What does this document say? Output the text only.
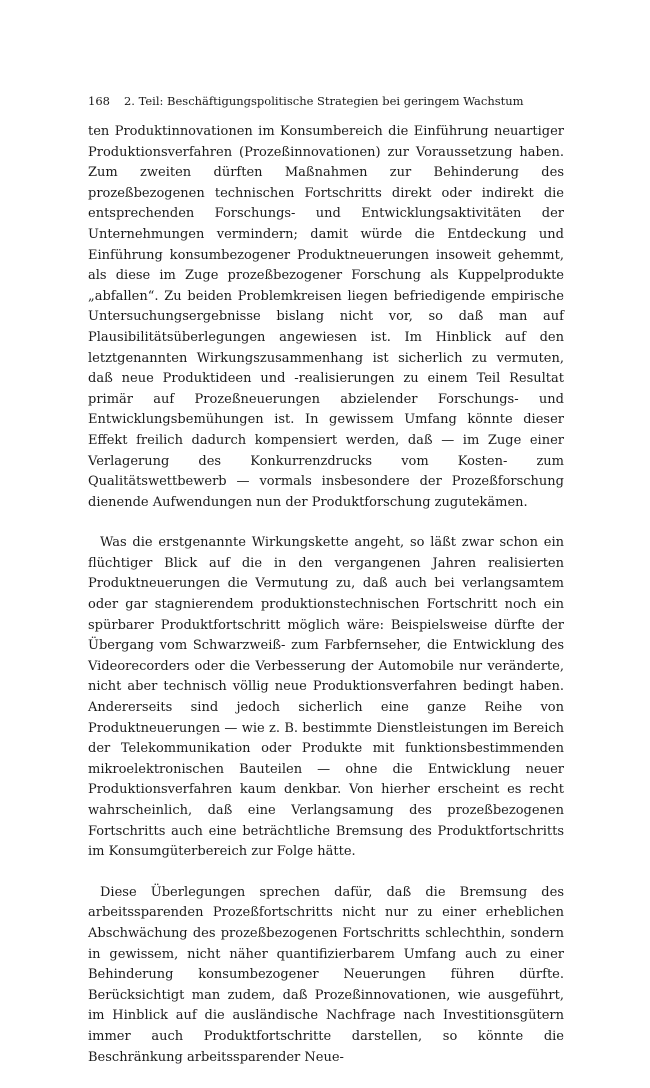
168 2. Teil: Beschäftigungspolitische Strategien bei geringem Wachstum

ten Produktinnovationen im Konsumbereich die Einführung neuartiger Produktionsverfahren (Prozeßinnovationen) zur Voraussetzung haben. Zum zweiten dürften Maßnahmen zur Behinderung des prozeßbezogenen technischen Fortschritts direkt oder indirekt die entsprechenden Forschungs- und Entwicklungsaktivitäten der Unternehmungen vermindern; damit würde die Entdeckung und Einführung konsumbezogener Produktneuerungen insoweit gehemmt, als diese im Zuge prozeßbezogener Forschung als Kuppelprodukte „abfallen“. Zu beiden Problemkreisen liegen befriedigende empirische Untersuchungsergebnisse bislang nicht vor, so daß man auf Plausibilitätsüberlegungen angewiesen ist. Im Hinblick auf den letztgenannten Wirkungszusammenhang ist sicherlich zu vermuten, daß neue Produktideen und -realisierungen zu einem Teil Resultat primär auf Prozeßneuerungen abzielender Forschungs- und Entwicklungsbemühungen ist. In gewissem Umfang könnte dieser Effekt freilich dadurch kompensiert werden, daß — im Zuge einer Verlagerung des Konkurrenzdrucks vom Kosten- zum Qualitätswettbewerb — vormals insbesondere der Prozeßforschung dienende Aufwendungen nun der Produktforschung zugutekämen.

Was die erstgenannte Wirkungskette angeht, so läßt zwar schon ein flüchtiger Blick auf die in den vergangenen Jahren realisierten Produktneuerungen die Vermutung zu, daß auch bei verlangsamtem oder gar stagnierendem produktionstechnischen Fortschritt noch ein spürbarer Produktfortschritt möglich wäre: Beispielsweise dürfte der Übergang vom Schwarzweiß- zum Farbfernseher, die Entwicklung des Videorecorders oder die Verbesserung der Automobile nur veränderte, nicht aber technisch völlig neue Produktionsverfahren bedingt haben. Andererseits sind jedoch sicherlich eine ganze Reihe von Produktneuerungen — wie z. B. bestimmte Dienstleistungen im Bereich der Telekommunikation oder Produkte mit funktionsbestimmenden mikroelektronischen Bauteilen — ohne die Entwicklung neuer Produktionsverfahren kaum denkbar. Von hierher erscheint es recht wahrscheinlich, daß eine Verlangsamung des prozeßbezogenen Fortschritts auch eine beträchtliche Bremsung des Produktfortschritts im Konsumgüterbereich zur Folge hätte.

Diese Überlegungen sprechen dafür, daß die Bremsung des arbeitssparenden Prozeßfortschritts nicht nur zu einer erheblichen Abschwächung des prozeßbezogenen Fortschritts schlechthin, sondern in gewissem, nicht näher quantifizierbarem Umfang auch zu einer Behinderung konsumbezogener Neuerungen führen dürfte. Berücksichtigt man zudem, daß Prozeßinnovationen, wie ausgeführt, im Hinblick auf die ausländische Nachfrage nach Investitionsgütern immer auch Produktfortschritte darstellen, so könnte die Beschränkung arbeitssparender Neue-
